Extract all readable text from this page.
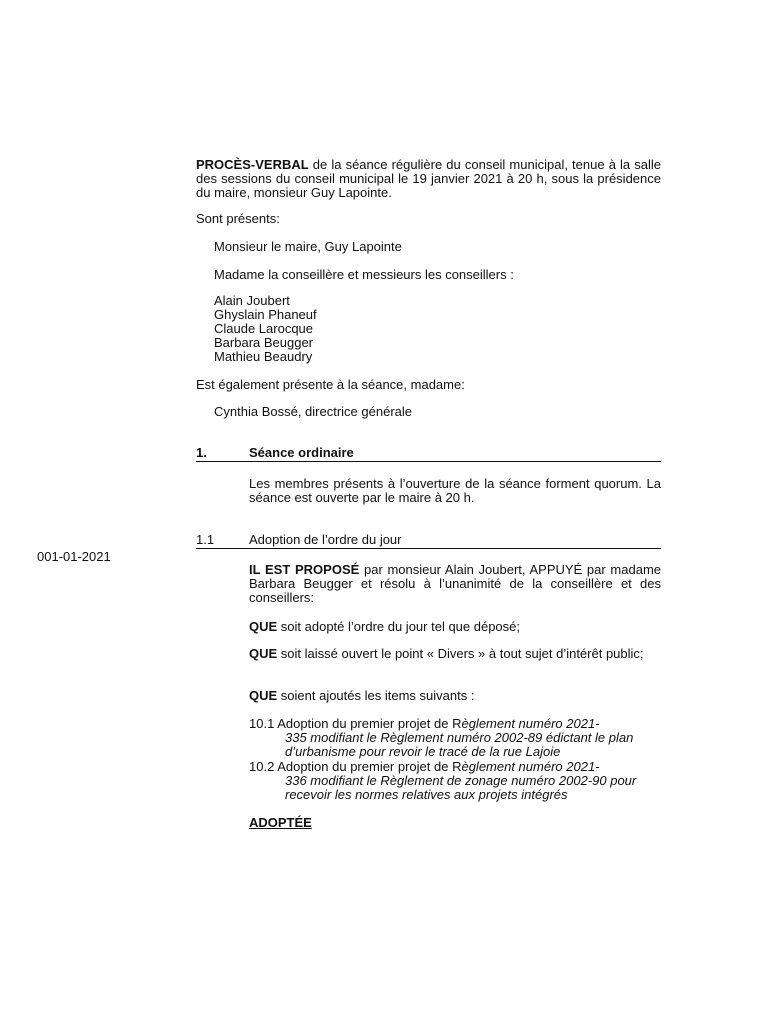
PROCÈS-VERBAL de la séance régulière du conseil municipal, tenue à la salle des sessions du conseil municipal le 19 janvier 2021 à 20 h, sous la présidence du maire, monsieur Guy Lapointe.
Sont présents:
Monsieur le maire, Guy Lapointe
Madame la conseillère et messieurs les conseillers :
Alain Joubert
Ghyslain Phaneuf
Claude Larocque
Barbara Beugger
Mathieu Beaudry
Est également présente à la séance, madame:
Cynthia Bossé, directrice générale
1.	Séance ordinaire
Les membres présents à l’ouverture de la séance forment quorum. La séance est ouverte par le maire à 20 h.
1.1	Adoption de l’ordre du jour
001-01-2021
IL EST PROPOSÉ par monsieur Alain Joubert, APPUYÉ par madame Barbara Beugger et résolu à l’unanimité de la conseillère et des conseillers:
QUE soit adopté l’ordre du jour tel que déposé;
QUE soit laissé ouvert le point « Divers » à tout sujet d’intérêt public;
QUE soient ajoutés les items suivants :
10.1 Adoption du premier projet de Règlement numéro 2021-
335 modifiant le Règlement numéro 2002-89 édictant le plan d’urbanisme pour revoir le tracé de la rue Lajoie
10.2 Adoption du premier projet de Règlement numéro 2021-
336 modifiant le Règlement de zonage numéro 2002-90 pour recevoir les normes relatives aux projets intégrés
ADOPTÉE
